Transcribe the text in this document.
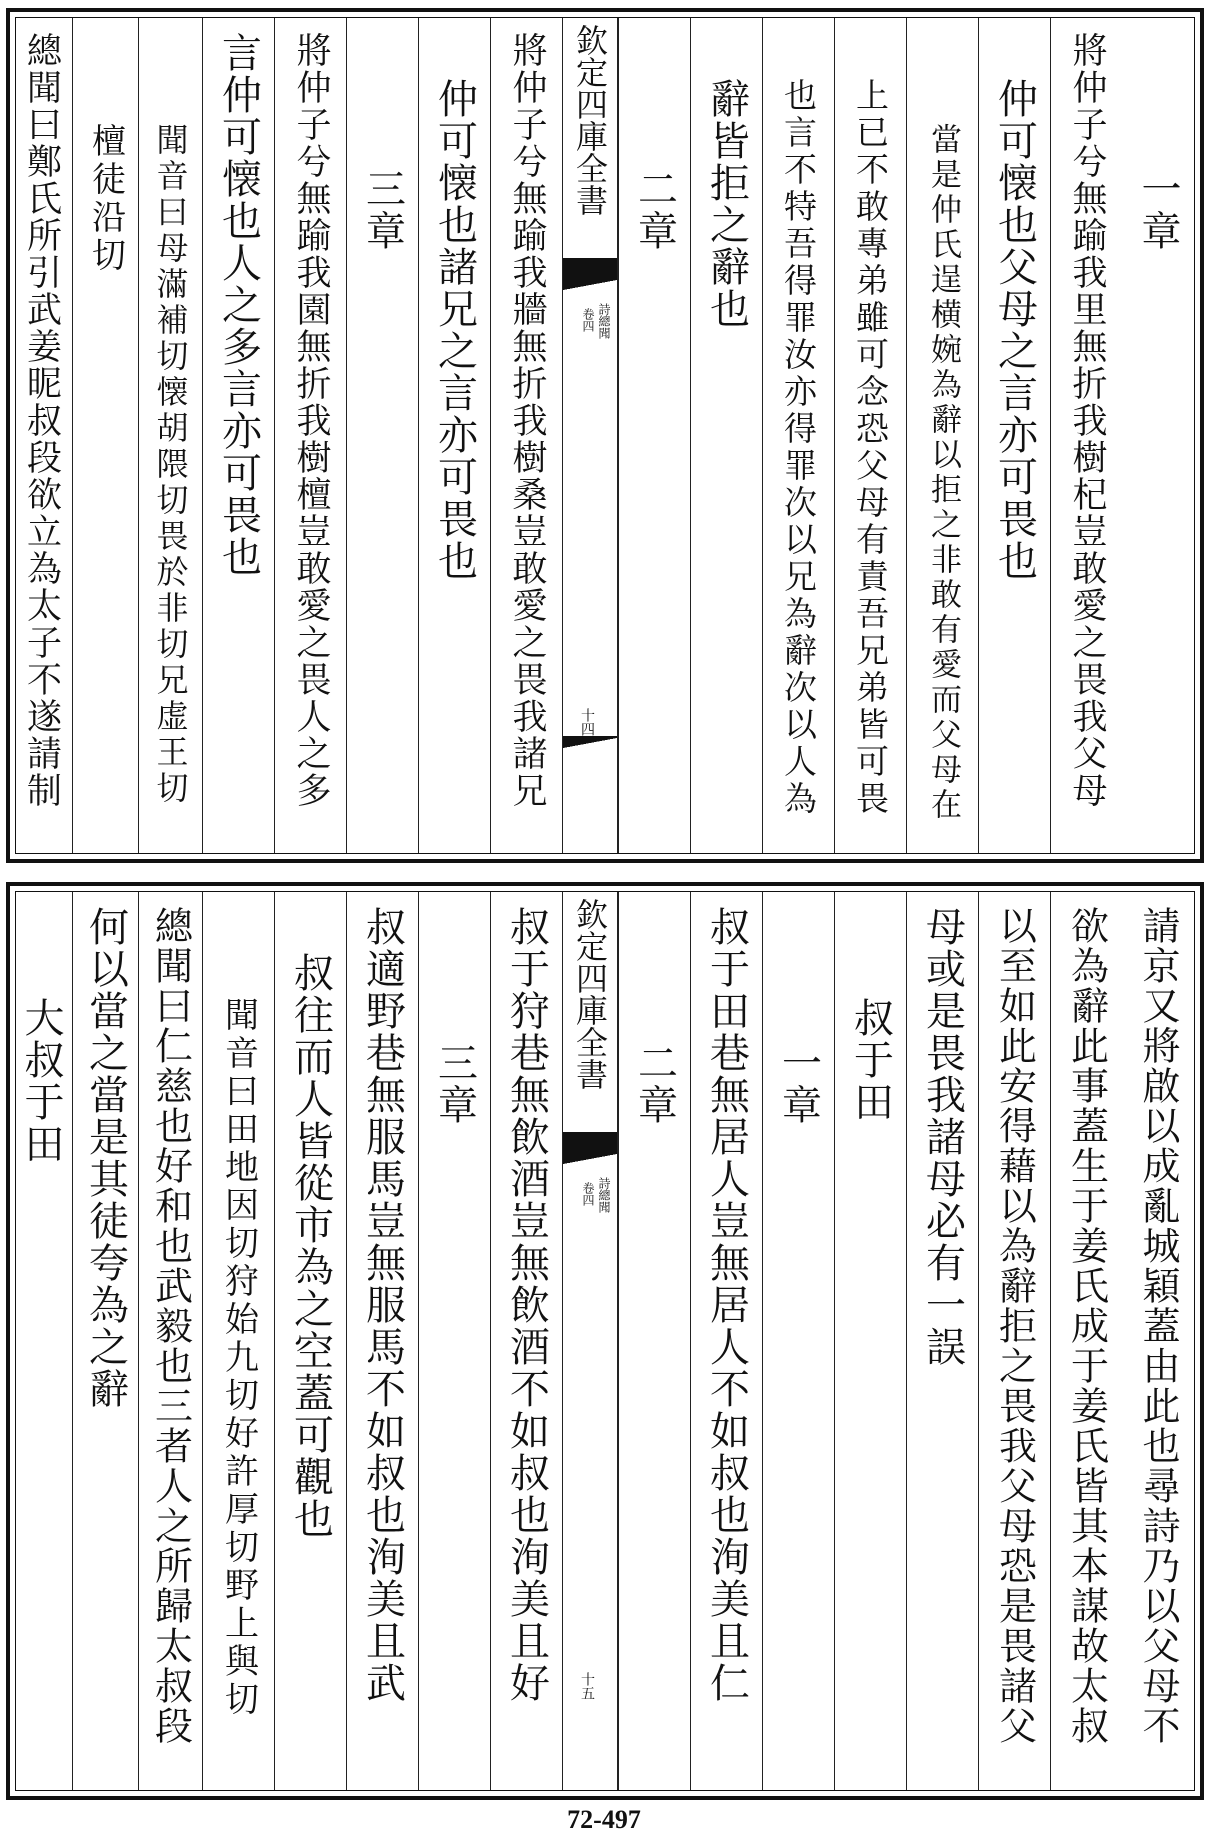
一章
將仲子兮無踰我里無折我樹杞豈敢愛之畏我父母
仲可懐也父母之言亦可畏也
當是仲氏逞横婉為辭以拒之非敢有愛而父母在
上已不敢專弟雖可念恐父母有責吾兄弟皆可畏
也言不特吾得罪汝亦得罪次以兄為辭次以人為
辭皆拒之辭也
二章
欽定四庫全書
詩總聞
卷四
十四
將仲子兮無踰我牆無折我樹桑豈敢愛之畏我諸兄
仲可懐也諸兄之言亦可畏也
三章
將仲子兮無踰我園無折我樹檀豈敢愛之畏人之多
言仲可懐也人之多言亦可畏也
聞音曰母滿補切懐胡隈切畏於非切兄虚王切
檀徒沿切
總聞曰鄭氏所引武姜昵叔段欲立為太子不遂請制
請京又將啟以成亂城穎蓋由此也尋詩乃以父母不
欲為辭此事蓋生于姜氏成于姜氏皆其本謀故太叔
以至如此安得藉以為辭拒之畏我父母恐是畏諸父
母或是畏我諸母必有一誤
叔于田
一章
叔于田巷無居人豈無居人不如叔也洵美且仁
二章
欽定四庫全書
詩總聞
卷四
十五
叔于狩巷無飲酒豈無飲酒不如叔也洵美且好
三章
叔適野巷無服馬豈無服馬不如叔也洵美且武
叔往而人皆從市為之空蓋可觀也
聞音曰田地因切狩始九切好許厚切野上與切
總聞曰仁慈也好和也武毅也三者人之所歸太叔段
何以當之當是其徒夸為之辭
大叔于田
72-497
